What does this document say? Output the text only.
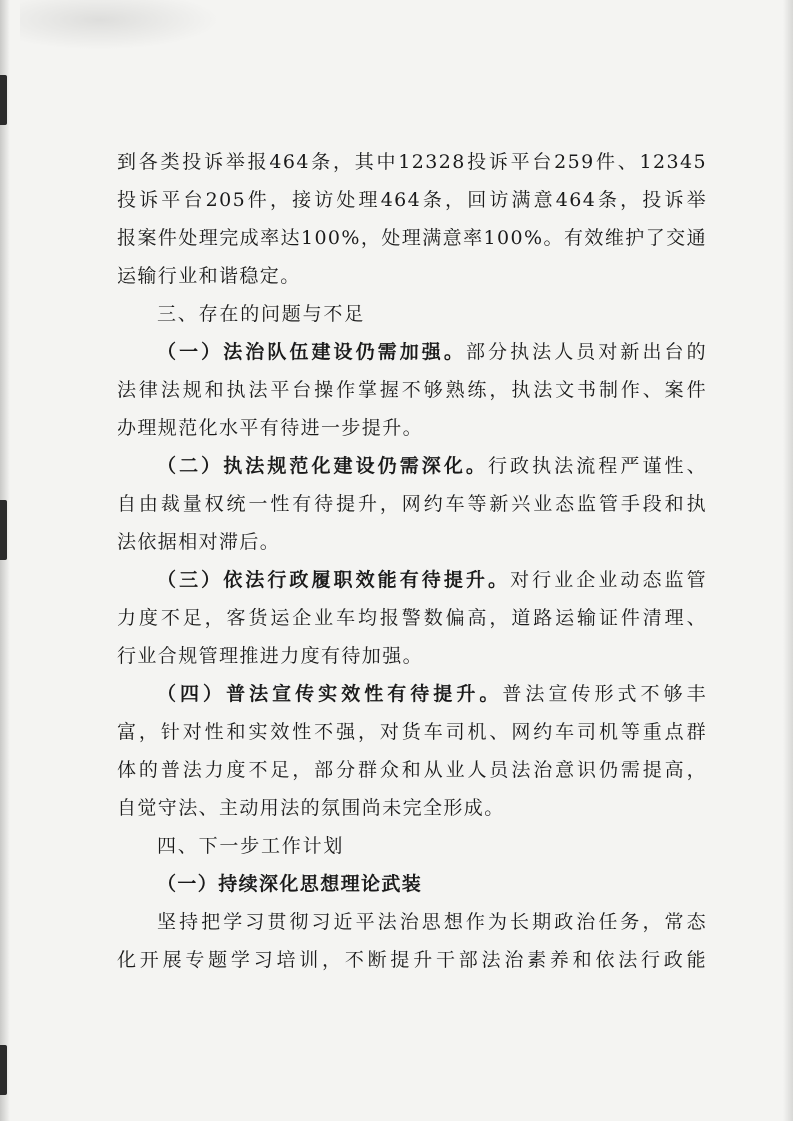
到各类投诉举报464条，其中12328投诉平台259件、12345
投诉平台205件，接访处理464条，回访满意464条，投诉举
报案件处理完成率达100%，处理满意率100%。有效维护了交通
运输行业和谐稳定。
三、存在的问题与不足
（一）法治队伍建设仍需加强。部分执法人员对新出台的
法律法规和执法平台操作掌握不够熟练，执法文书制作、案件
办理规范化水平有待进一步提升。
（二）执法规范化建设仍需深化。行政执法流程严谨性、
自由裁量权统一性有待提升，网约车等新兴业态监管手段和执
法依据相对滞后。
（三）依法行政履职效能有待提升。对行业企业动态监管
力度不足，客货运企业车均报警数偏高，道路运输证件清理、
行业合规管理推进力度有待加强。
（四）普法宣传实效性有待提升。普法宣传形式不够丰
富，针对性和实效性不强，对货车司机、网约车司机等重点群
体的普法力度不足，部分群众和从业人员法治意识仍需提高，
自觉守法、主动用法的氛围尚未完全形成。
四、下一步工作计划
（一）持续深化思想理论武装
坚持把学习贯彻习近平法治思想作为长期政治任务，常态
化开展专题学习培训，不断提升干部法治素养和依法行政能
